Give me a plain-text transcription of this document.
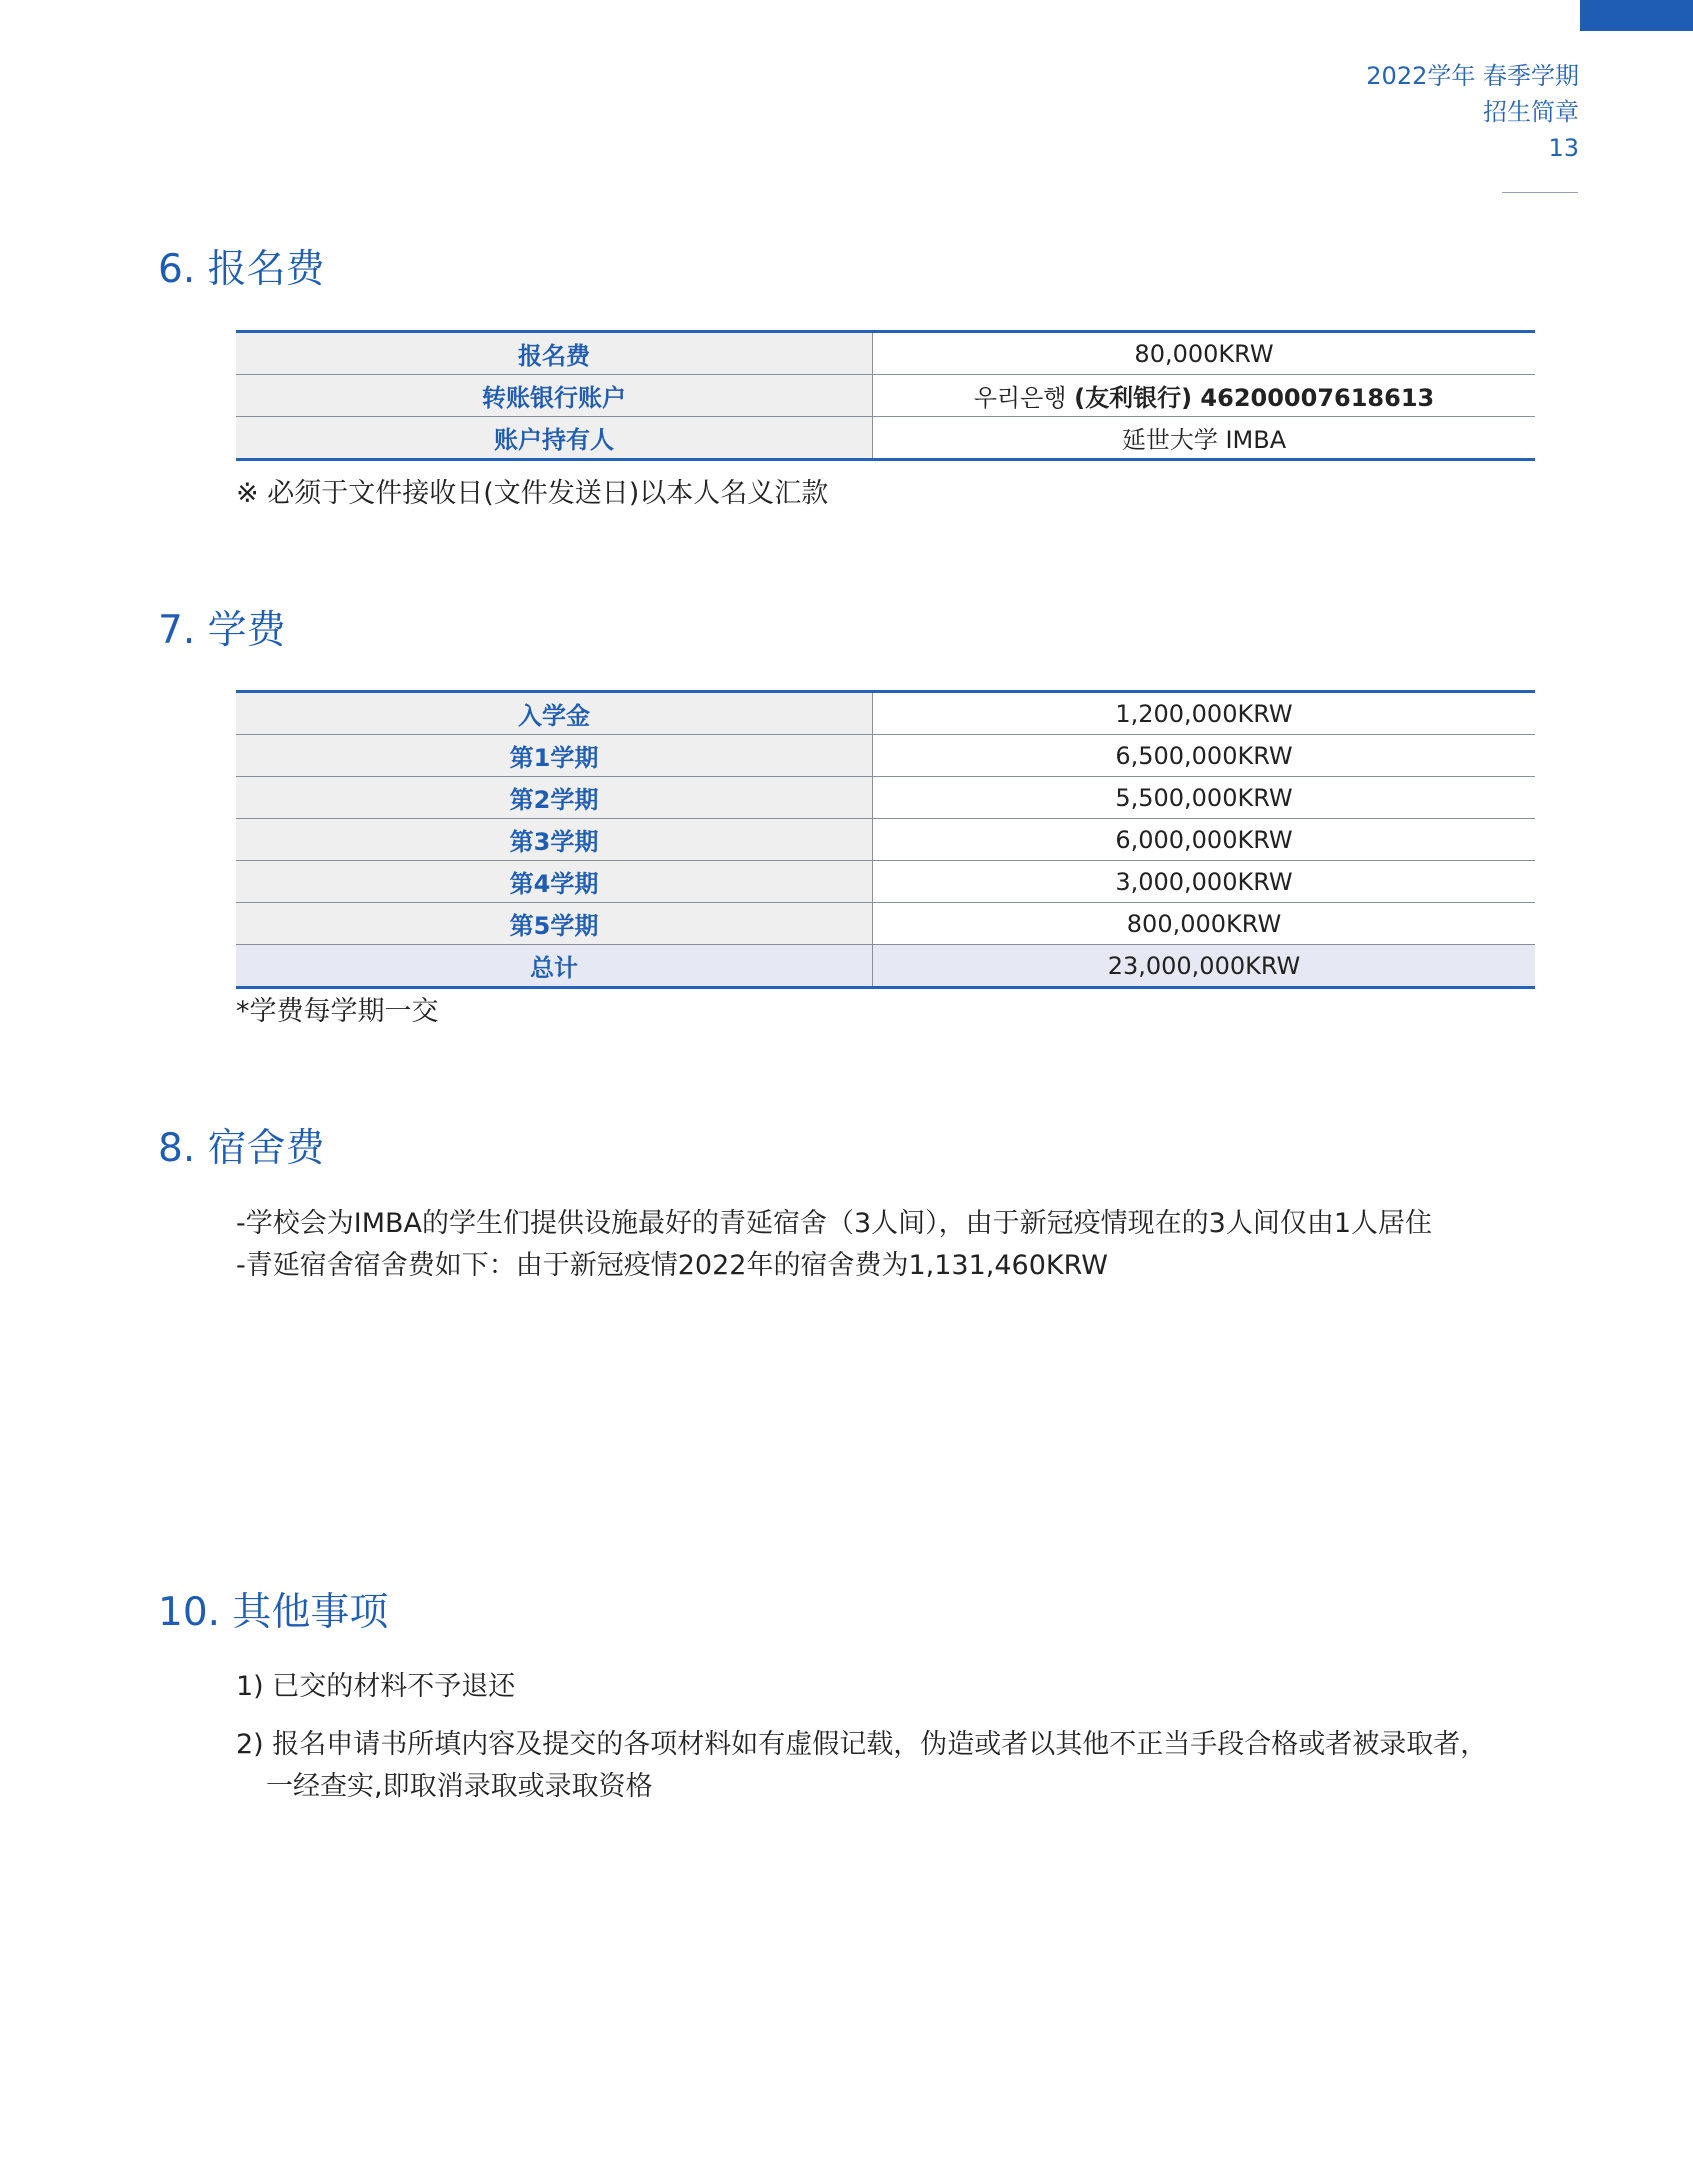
2022学年 春季学期
招生简章
13
6. 报名费
报名费	80,000KRW
转账银行账户	우리은행 (友利银行) 46200007618613
账户持有人	延世大学 IMBA
※ 必须于文件接收日(文件发送日)以本人名义汇款
7. 学费
入学金	1,200,000KRW
第1学期	6,500,000KRW
第2学期	5,500,000KRW
第3学期	6,000,000KRW
第4学期	3,000,000KRW
第5学期	800,000KRW
总计	23,000,000KRW
*学费每学期一交
8. 宿舍费
-学校会为IMBA的学生们提供设施最好的青延宿舍（3人间），由于新冠疫情现在的3人间仅由1人居住
-青延宿舍宿舍费如下：由于新冠疫情2022年的宿舍费为1,131,460KRW
10. 其他事项
1) 已交的材料不予退还
2) 报名申请书所填内容及提交的各项材料如有虚假记载，伪造或者以其他不正当手段合格或者被录取者，
一经查实,即取消录取或录取资格
